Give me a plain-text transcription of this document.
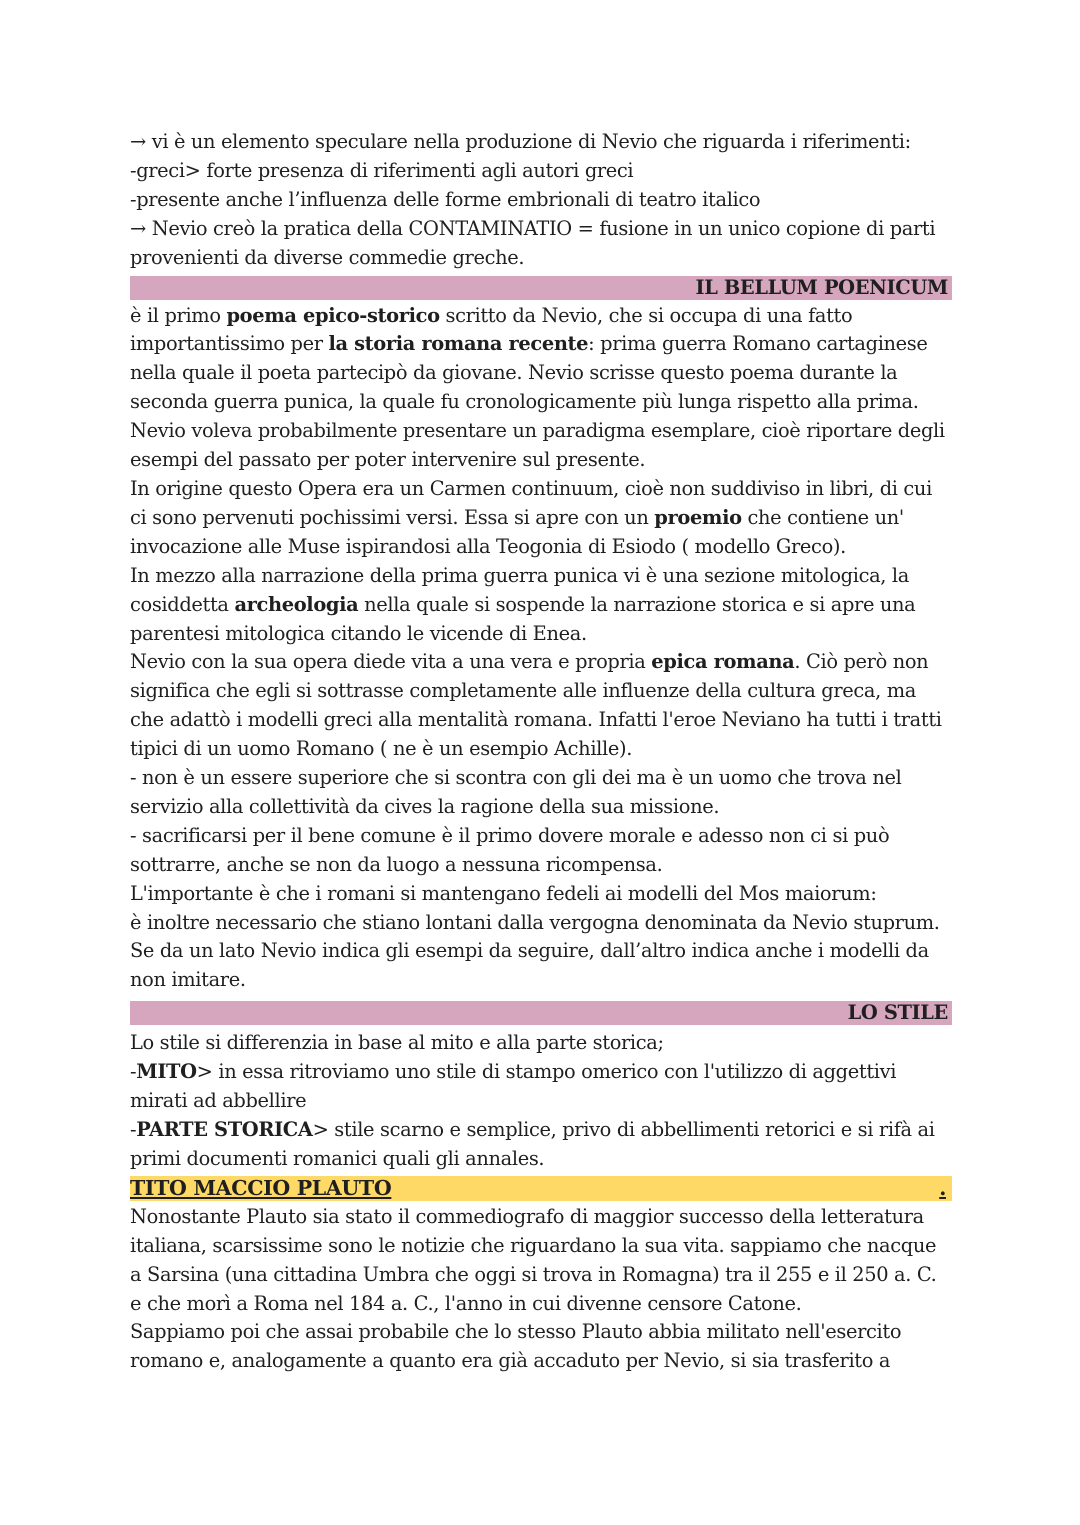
→ vi è un elemento speculare nella produzione di Nevio che riguarda i riferimenti:

-greci> forte presenza di riferimenti agli autori greci

-presente anche l’influenza delle forme embrionali di teatro italico

→ Nevio creò la pratica della CONTAMINATIO = fusione in un unico copione di parti provenienti da diverse commedie greche.

IL BELLUM POENICUM

è il primo poema epico-storico scritto da Nevio, che si occupa di una fatto importantissimo per la storia romana recente: prima guerra Romano cartaginese nella quale il poeta partecipò da giovane. Nevio scrisse questo poema durante la seconda guerra punica, la quale fu cronologicamente più lunga rispetto alla prima. Nevio voleva probabilmente presentare un paradigma esemplare, cioè riportare degli esempi del passato per poter intervenire sul presente.

In origine questo Opera era un Carmen continuum, cioè non suddiviso in libri, di cui ci sono pervenuti pochissimi versi. Essa si apre con un proemio che contiene un' invocazione alle Muse ispirandosi alla Teogonia di Esiodo ( modello Greco).

In mezzo alla narrazione della prima guerra punica vi è una sezione mitologica, la cosiddetta archeologia nella quale si sospende la narrazione storica e si apre una parentesi mitologica citando le vicende di Enea.

Nevio con la sua opera diede vita a una vera e propria epica romana. Ciò però non significa che egli si sottrasse completamente alle influenze della cultura greca, ma che adattò i modelli greci alla mentalità romana. Infatti l'eroe Neviano ha tutti i tratti tipici di un uomo Romano ( ne è un esempio Achille).

- non è un essere superiore che si scontra con gli dei ma è un uomo che trova nel servizio alla collettività da cives la ragione della sua missione.

- sacrificarsi per il bene comune è il primo dovere morale e adesso non ci si può sottrarre, anche se non da luogo a nessuna ricompensa.

L'importante è che i romani si mantengano fedeli ai modelli del Mos maiorum:

è inoltre necessario che stiano lontani dalla vergogna denominata da Nevio stuprum. Se da un lato Nevio indica gli esempi da seguire, dall’altro indica anche i modelli da non imitare.

LO STILE

Lo stile si differenzia in base al mito e alla parte storica;

-MITO> in essa ritroviamo uno stile di stampo omerico con l'utilizzo di aggettivi mirati ad abbellire

-PARTE STORICA> stile scarno e semplice, privo di abbellimenti retorici e si rifà ai primi documenti romanici quali gli annales.

TITO MACCIO PLAUTO	.

Nonostante Plauto sia stato il commediografo di maggior successo della letteratura italiana, scarsissime sono le notizie che riguardano la sua vita. sappiamo che nacque a Sarsina (una cittadina Umbra che oggi si trova in Romagna) tra il 255 e il 250 a. C. e che morì a Roma nel 184 a. C., l'anno in cui divenne censore Catone.

Sappiamo poi che assai probabile che lo stesso Plauto abbia militato nell'esercito romano e, analogamente a quanto era già accaduto per Nevio, si sia trasferito a
